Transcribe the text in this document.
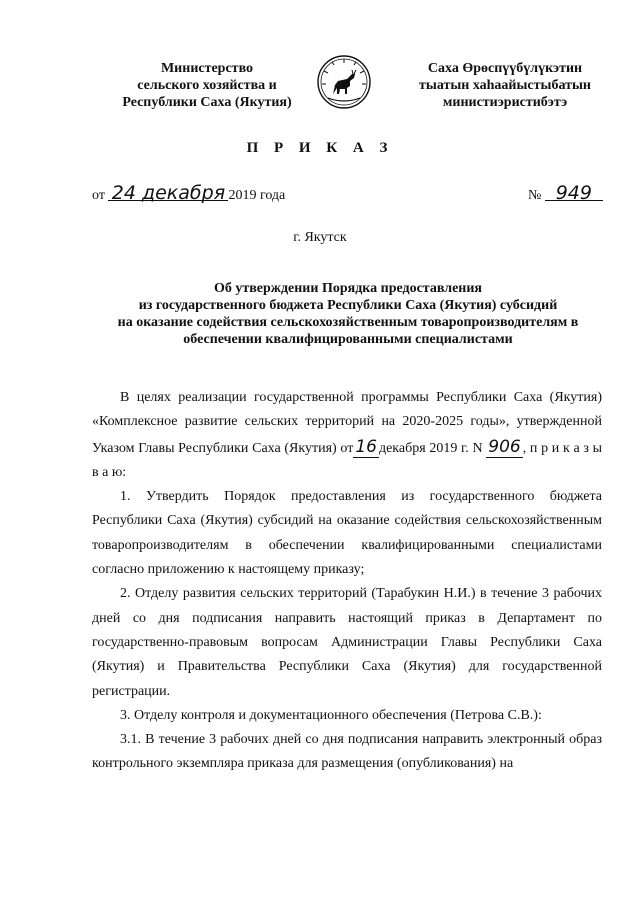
Министерство
сельского хозяйства и
Республики Саха (Якутия)
Саха Өрөспүүбүлүкэтин
тыатын хаһаайыстыбатын
министиэристибэтэ
П Р И К А З
от 24 декабря 2019 года	№ 949
г. Якутск
Об утверждении Порядка предоставления
из государственного бюджета Республики Саха (Якутия) субсидий
на оказание содействия сельскохозяйственным товаропроизводителям в
обеспечении квалифицированными специалистами

В целях реализации государственной программы Республики Саха (Якутия) «Комплексное развитие сельских территорий на 2020-2025 годы», утвержденной Указом Главы Республики Саха (Якутия) от 16 декабря 2019 г. N 906 , п р и к а з ы в а ю:

1. Утвердить Порядок предоставления из государственного бюджета Республики Саха (Якутия) субсидий на оказание содействия сельскохозяйственным товаропроизводителям в обеспечении квалифицированными специалистами согласно приложению к настоящему приказу;

2. Отделу развития сельских территорий (Тарабукин Н.И.) в течение 3 рабочих дней со дня подписания направить настоящий приказ в Департамент по государственно-правовым вопросам Администрации Главы Республики Саха (Якутия) и Правительства Республики Саха (Якутия) для государственной регистрации.

3. Отделу контроля и документационного обеспечения (Петрова С.В.):

3.1. В течение 3 рабочих дней со дня подписания направить электронный образ контрольного экземпляра приказа для размещения (опубликования) на
